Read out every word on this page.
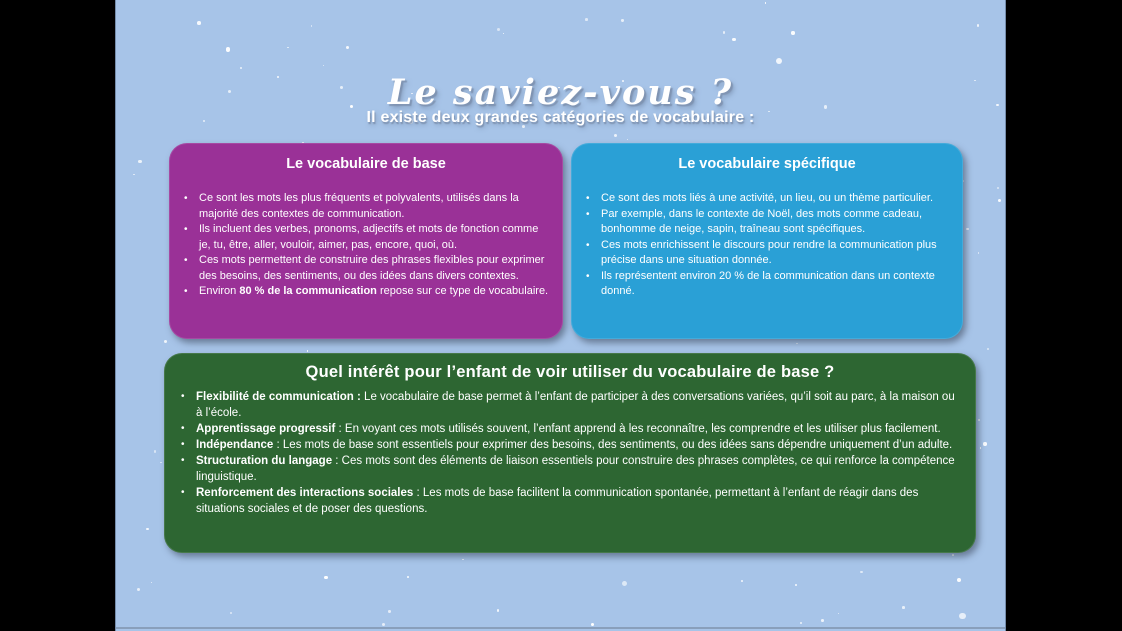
Le saviez-vous ?
Il existe deux grandes catégories de vocabulaire :
Le vocabulaire de base
• Ce sont les mots les plus fréquents et polyvalents, utilisés dans la majorité des contextes de communication.
• Ils incluent des verbes, pronoms, adjectifs et mots de fonction comme je, tu, être, aller, vouloir, aimer, pas, encore, quoi, où.
• Ces mots permettent de construire des phrases flexibles pour exprimer des besoins, des sentiments, ou des idées dans divers contextes.
• Environ 80 % de la communication repose sur ce type de vocabulaire.
Le vocabulaire spécifique
• Ce sont des mots liés à une activité, un lieu, ou un thème particulier.
• Par exemple, dans le contexte de Noël, des mots comme cadeau, bonhomme de neige, sapin, traîneau sont spécifiques.
• Ces mots enrichissent le discours pour rendre la communication plus précise dans une situation donnée.
• Ils représentent environ 20 % de la communication dans un contexte donné.
Quel intérêt pour l’enfant de voir utiliser du vocabulaire de base ?
• Flexibilité de communication : Le vocabulaire de base permet à l’enfant de participer à des conversations variées, qu’il soit au parc, à la maison ou à l’école.
• Apprentissage progressif : En voyant ces mots utilisés souvent, l’enfant apprend à les reconnaître, les comprendre et les utiliser plus facilement.
• Indépendance : Les mots de base sont essentiels pour exprimer des besoins, des sentiments, ou des idées sans dépendre uniquement d’un adulte.
• Structuration du langage : Ces mots sont des éléments de liaison essentiels pour construire des phrases complètes, ce qui renforce la compétence linguistique.
• Renforcement des interactions sociales : Les mots de base facilitent la communication spontanée, permettant à l’enfant de réagir dans des situations sociales et de poser des questions.
